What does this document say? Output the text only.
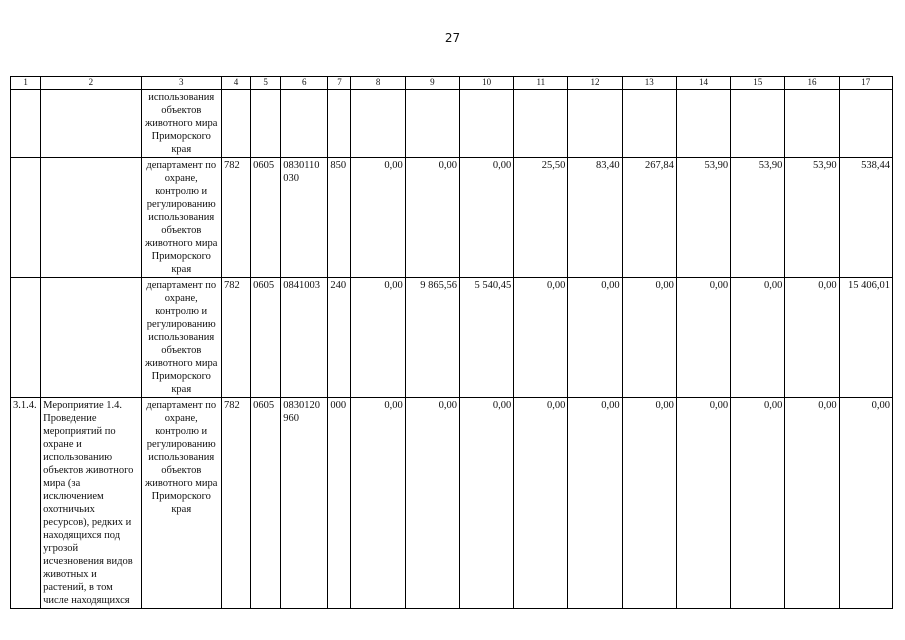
27
1	2	3	4	5	6	7	8	9	10	11	12	13	14	15	16	17
		использования объектов животного мира Приморского края														
		департамент по охране, контролю и регулированию использования объектов животного мира Приморского края	782	0605	0830110 030	850	0,00	0,00	0,00	25,50	83,40	267,84	53,90	53,90	53,90	538,44
		департамент по охране, контролю и регулированию использования объектов животного мира Приморского края	782	0605	0841003	240	0,00	9 865,56	5 540,45	0,00	0,00	0,00	0,00	0,00	0,00	15 406,01
3.1.4.	Мероприятие 1.4. Проведение мероприятий по охране и использованию объектов животного мира (за исключением охотничьих ресурсов), редких и находящихся под угрозой исчезновения видов животных и растений, в том числе находящихся	департамент по охране, контролю и регулированию использования объектов животного мира Приморского края	782	0605	0830120 960	000	0,00	0,00	0,00	0,00	0,00	0,00	0,00	0,00	0,00	0,00
